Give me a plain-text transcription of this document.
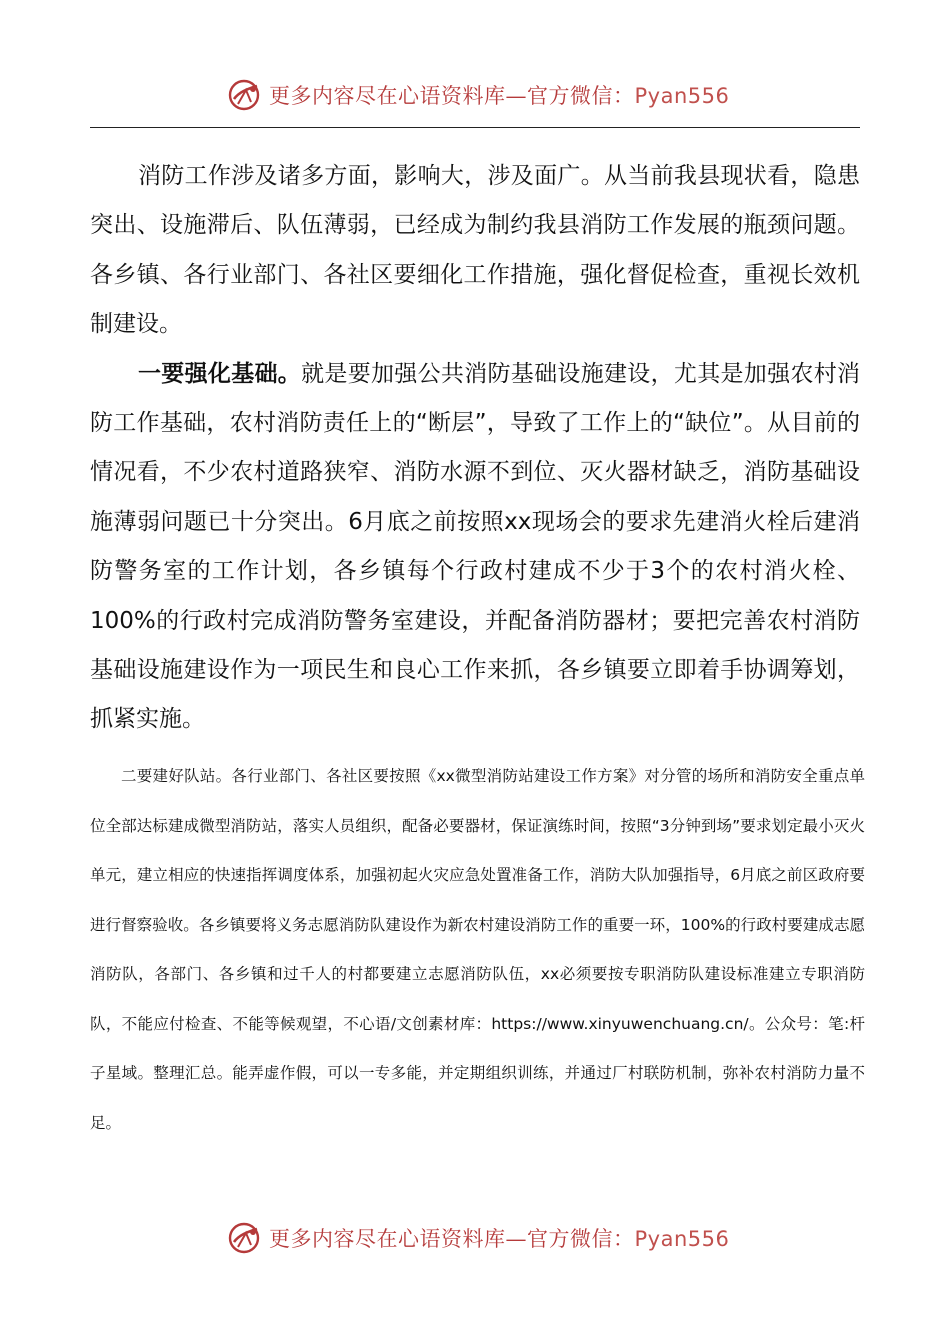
更多内容尽在心语资料库—官方微信：Pyan556

消防工作涉及诸多方面，影响大，涉及面广。从当前我县现状看，隐患突出、设施滞后、队伍薄弱，已经成为制约我县消防工作发展的瓶颈问题。各乡镇、各行业部门、各社区要细化工作措施，强化督促检查，重视长效机制建设。

一要强化基础。就是要加强公共消防基础设施建设，尤其是加强农村消防工作基础，农村消防责任上的“断层”，导致了工作上的“缺位”。从目前的情况看，不少农村道路狭窄、消防水源不到位、灭火器材缺乏，消防基础设施薄弱问题已十分突出。6月底之前按照xx现场会的要求先建消火栓后建消防警务室的工作计划，各乡镇每个行政村建成不少于3个的农村消火栓、100%的行政村完成消防警务室建设，并配备消防器材；要把完善农村消防基础设施建设作为一项民生和良心工作来抓，各乡镇要立即着手协调筹划，抓紧实施。

二要建好队站。各行业部门、各社区要按照《xx微型消防站建设工作方案》对分管的场所和消防安全重点单位全部达标建成微型消防站，落实人员组织，配备必要器材，保证演练时间，按照“3分钟到场”要求划定最小灭火单元，建立相应的快速指挥调度体系，加强初起火灾应急处置准备工作，消防大队加强指导，6月底之前区政府要进行督察验收。各乡镇要将义务志愿消防队建设作为新农村建设消防工作的重要一环，100%的行政村要建成志愿消防队，各部门、各乡镇和过千人的村都要建立志愿消防队伍，xx必须要按专职消防队建设标准建立专职消防队，不能应付检查、不能等候观望，不心语/文创素材库：https://www.xinyuwenchuang.cn/。公众号：笔:杆子星域。整理汇总。能弄虚作假，可以一专多能，并定期组织训练，并通过厂村联防机制，弥补农村消防力量不足。

更多内容尽在心语资料库—官方微信：Pyan556
